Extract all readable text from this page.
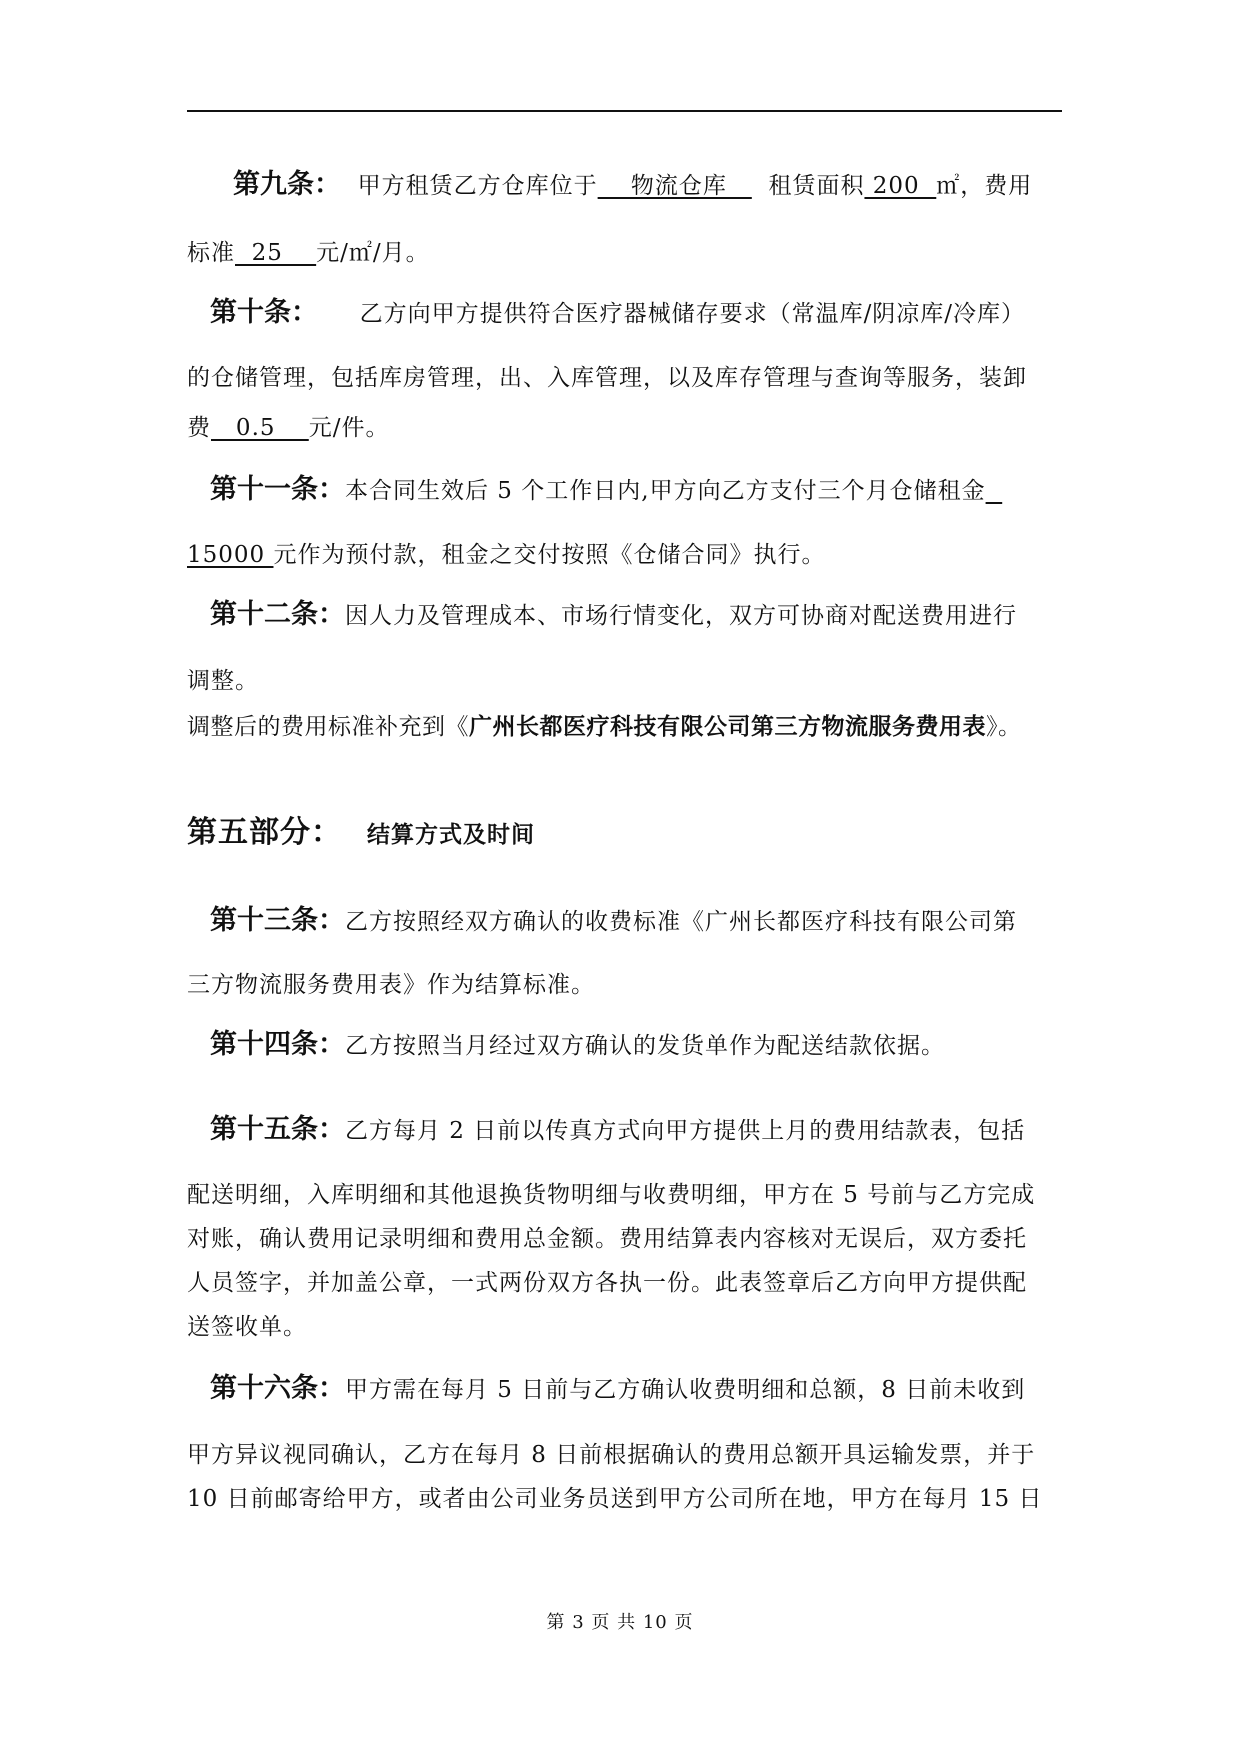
第九条： 甲方租赁乙方仓库位于    物流仓库     租赁面积 200  ㎡，费用
标准  25    元/㎡/月。
第十条： 乙方向甲方提供符合医疗器械储存要求（常温库/阴凉库/冷库）
的仓储管理，包括库房管理，出、入库管理，以及库存管理与查询等服务，装卸
费   0.5    元/件。
第十一条：本合同生效后 5 个工作日内,甲方向乙方支付三个月仓储租金
15000 元作为预付款，租金之交付按照《仓储合同》执行。
第十二条：因人力及管理成本、市场行情变化，双方可协商对配送费用进行
调整。
调整后的费用标准补充到《广州长都医疗科技有限公司第三方物流服务费用表》。
第五部分： 结算方式及时间
第十三条：乙方按照经双方确认的收费标准《广州长都医疗科技有限公司第
三方物流服务费用表》作为结算标准。
第十四条：乙方按照当月经过双方确认的发货单作为配送结款依据。
第十五条：乙方每月 2 日前以传真方式向甲方提供上月的费用结款表，包括
配送明细，入库明细和其他退换货物明细与收费明细，甲方在 5 号前与乙方完成
对账，确认费用记录明细和费用总金额。费用结算表内容核对无误后，双方委托
人员签字，并加盖公章，一式两份双方各执一份。此表签章后乙方向甲方提供配
送签收单。
第十六条：甲方需在每月 5 日前与乙方确认收费明细和总额，8 日前未收到
甲方异议视同确认，乙方在每月 8 日前根据确认的费用总额开具运输发票，并于
10 日前邮寄给甲方，或者由公司业务员送到甲方公司所在地，甲方在每月 15 日
第 3 页 共 10 页
